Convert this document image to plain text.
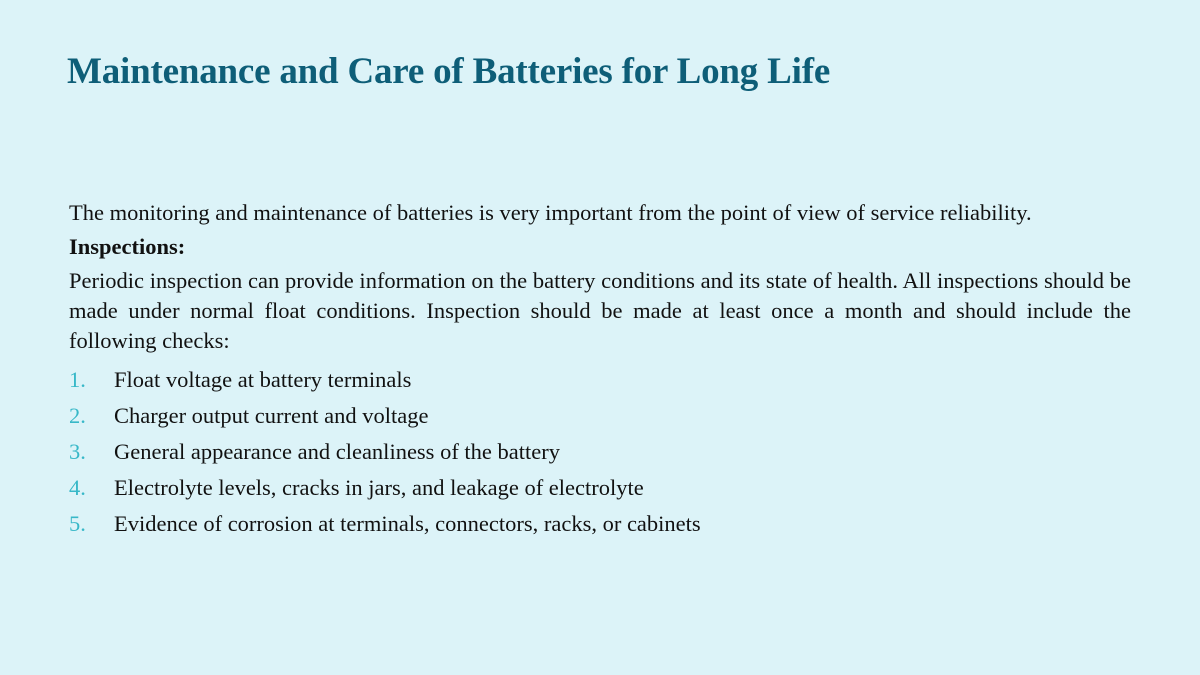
Maintenance and Care of Batteries for Long Life

The monitoring and maintenance of batteries is very important from the point of view of service reliability.

Inspections:

Periodic inspection can provide information on the battery conditions and its state of health. All inspections should be made under normal float conditions. Inspection should be made at least once a month and should include the following checks:

1.	Float voltage at battery terminals
2.	Charger output current and voltage
3.	General appearance and cleanliness of the battery
4.	Electrolyte levels, cracks in jars, and leakage of electrolyte
5.	Evidence of corrosion at terminals, connectors, racks, or cabinets
